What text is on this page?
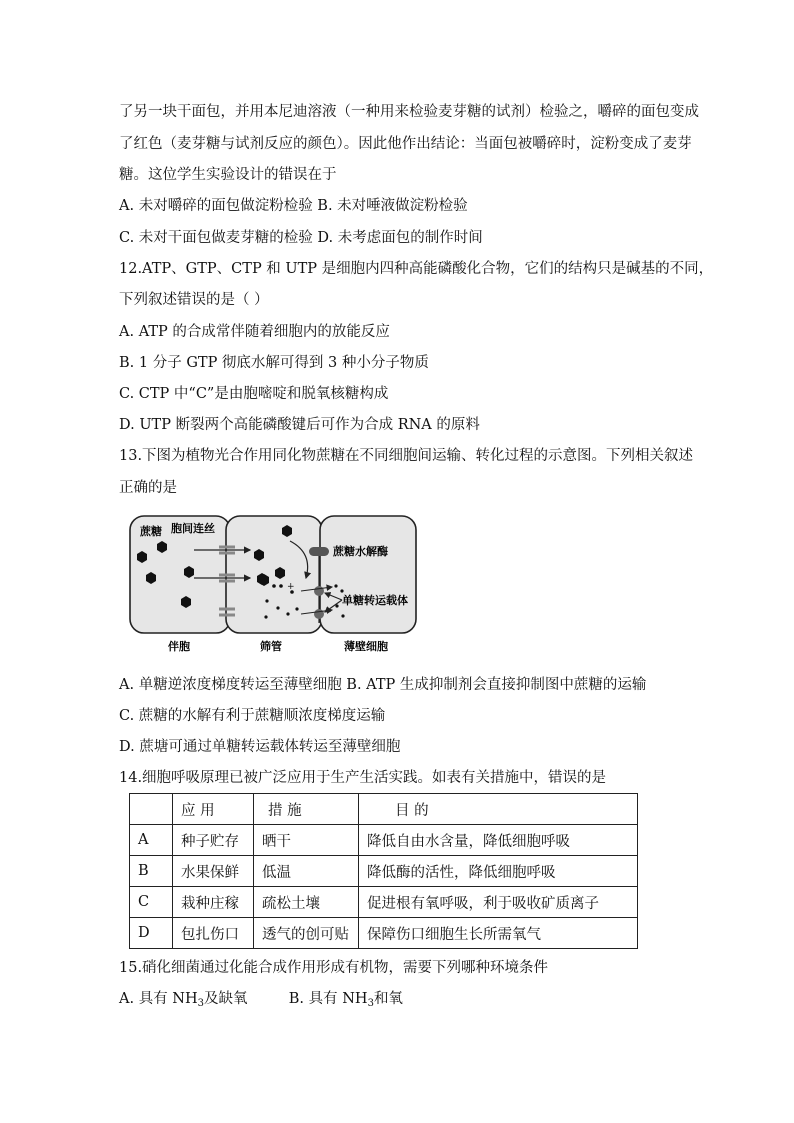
了另一块干面包，并用本尼迪溶液（一种用来检验麦芽糖的试剂）检验之，嚼碎的面包变成
了红色（麦芽糖与试剂反应的颜色）。因此他作出结论：当面包被嚼碎时，淀粉变成了麦芽
糖。这位学生实验设计的错误在于
A. 未对嚼碎的面包做淀粉检验 B. 未对唾液做淀粉检验
C. 未对干面包做麦芽糖的检验 D. 未考虑面包的制作时间
12.ATP、GTP、CTP 和 UTP 是细胞内四种高能磷酸化合物，它们的结构只是碱基的不同，
下列叙述错误的是（ ）
A. ATP 的合成常伴随着细胞内的放能反应
B. 1 分子 GTP 彻底水解可得到 3 种小分子物质
C. CTP 中“C”是由胞嘧啶和脱氧核糖构成
D. UTP 断裂两个高能磷酸键后可作为合成 RNA 的原料
13.下图为植物光合作用同化物蔗糖在不同细胞间运输、转化过程的示意图。下列相关叙述
正确的是
+
蔗糖 胞间连丝
蔗糖水解酶
单糖转运载体
伴胞	筛管	薄壁细胞
A. 单糖逆浓度梯度转运至薄壁细胞 B. ATP 生成抑制剂会直接抑制图中蔗糖的运输
C. 蔗糖的水解有利于蔗糖顺浓度梯度运输
D. 蔗塘可通过单糖转运载体转运至薄壁细胞
14.细胞呼吸原理已被广泛应用于生产生活实践。如表有关措施中，错误的是
	应 用	措 施	目 的
A	种子贮存	晒干	降低自由水含量，降低细胞呼吸
B	水果保鲜	低温	降低酶的活性，降低细胞呼吸
C	栽种庄稼	疏松土壤	促进根有氧呼吸，利于吸收矿质离子
D	包扎伤口	透气的创可贴	保障伤口细胞生长所需氧气
15.硝化细菌通过化能合成作用形成有机物，需要下列哪种环境条件
A. 具有 $NH_3$及缺氧	B. 具有 $NH_3$和氧
